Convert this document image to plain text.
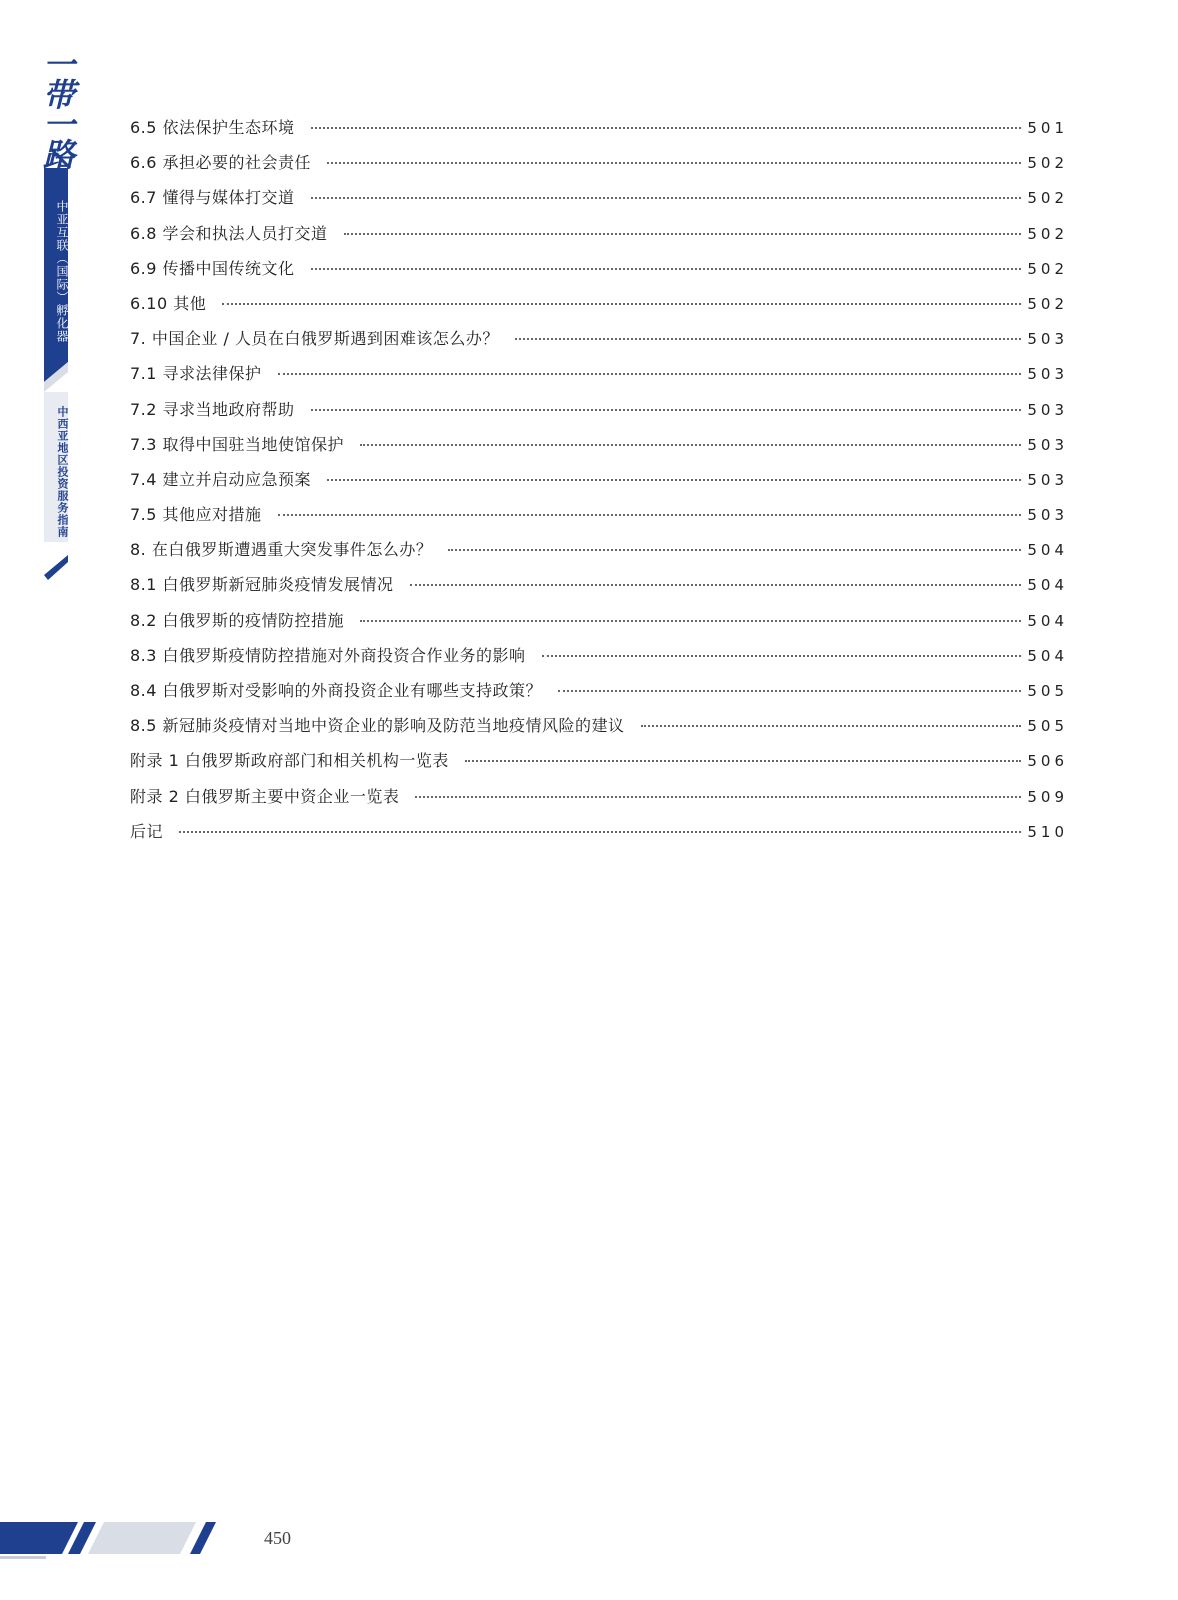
一带一路
中亚互联（国际）孵化器
中西亚地区投资服务指南
6.5 依法保护生态环境	501
6.6 承担必要的社会责任	502
6.7 懂得与媒体打交道	502
6.8 学会和执法人员打交道	502
6.9 传播中国传统文化	502
6.10 其他	502
7. 中国企业 / 人员在白俄罗斯遇到困难该怎么办？	503
7.1 寻求法律保护	503
7.2 寻求当地政府帮助	503
7.3 取得中国驻当地使馆保护	503
7.4 建立并启动应急预案	503
7.5 其他应对措施	503
8. 在白俄罗斯遭遇重大突发事件怎么办？	504
8.1 白俄罗斯新冠肺炎疫情发展情况	504
8.2 白俄罗斯的疫情防控措施	504
8.3 白俄罗斯疫情防控措施对外商投资合作业务的影响	504
8.4 白俄罗斯对受影响的外商投资企业有哪些支持政策？	505
8.5 新冠肺炎疫情对当地中资企业的影响及防范当地疫情风险的建议	505
附录 1 白俄罗斯政府部门和相关机构一览表	506
附录 2 白俄罗斯主要中资企业一览表	509
后记	510
450
